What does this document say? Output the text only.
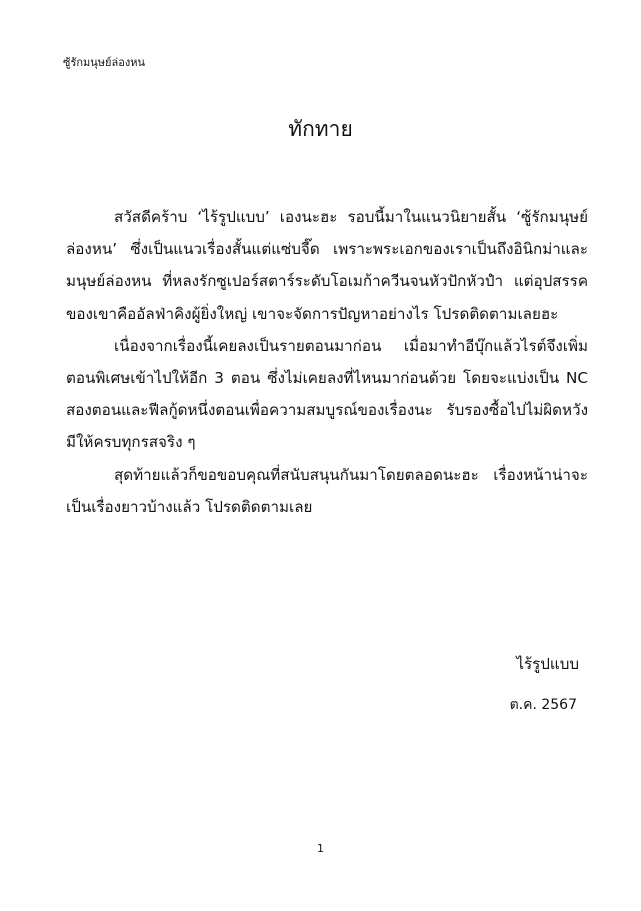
ซู้รักมนุษย์ล่องหน
ทักทาย

สวัสดีคร้าบ ‘ไร้รูปแบบ’ เองนะฮะ รอบนี้มาในแนวนิยายสั้น ‘ซู้รักมนุษย์ล่องหน’ ซึ่งเป็นแนวเรื่องสั้นแต่แซ่บจี๊ด เพราะพระเอกของเราเป็นถึงอินิกม่าและมนุษย์ล่องหน ที่หลงรักซูเปอร์สตาร์ระดับโอเมก้าควีนจนหัวปักหัวปำ แต่อุปสรรคของเขาคืออัลฟ่าคิงผู้ยิ่งใหญ่ เขาจะจัดการปัญหาอย่างไร โปรดติดตามเลยฮะ

เนื่องจากเรื่องนี้เคยลงเป็นรายตอนมาก่อน เมื่อมาทำอีบุ๊กแล้วไรต์จึงเพิ่มตอนพิเศษเข้าไปให้อีก 3 ตอน ซึ่งไม่เคยลงที่ไหนมาก่อนด้วย โดยจะแบ่งเป็น NC สองตอนและฟีลกู้ดหนึ่งตอนเพื่อความสมบูรณ์ของเรื่องนะ รับรองซื้อไปไม่ผิดหวัง มีให้ครบทุกรสจริง ๆ

สุดท้ายแล้วก็ขอขอบคุณที่สนับสนุนกันมาโดยตลอดนะฮะ เรื่องหน้าน่าจะเป็นเรื่องยาวบ้างแล้ว โปรดติดตามเลย

ไร้รูปแบบ
ต.ค. 2567
1
